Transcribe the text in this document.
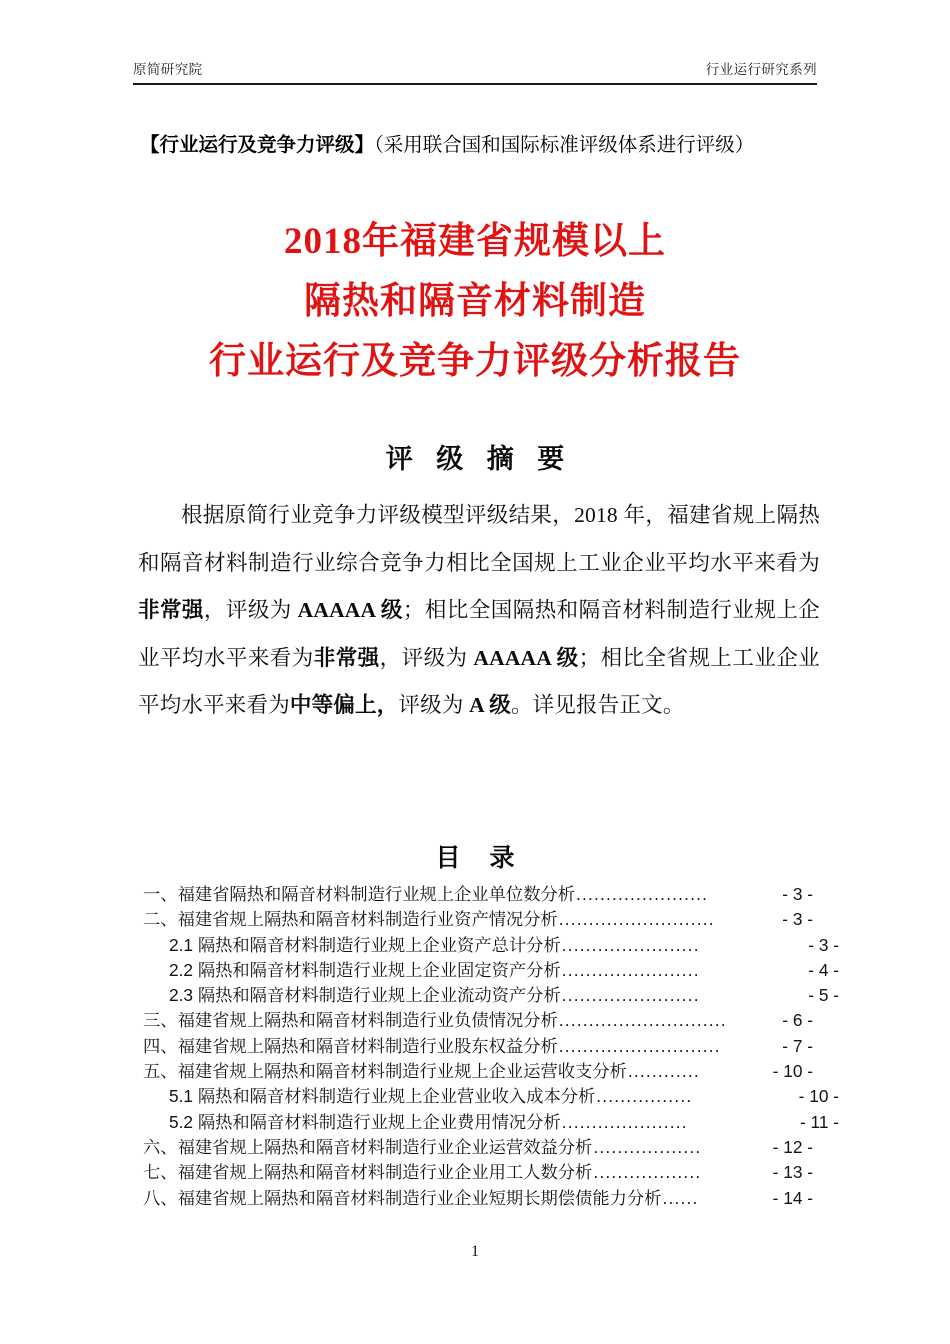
原简研究院	行业运行研究系列
【行业运行及竞争力评级】（采用联合国和国际标准评级体系进行评级）
2018年福建省规模以上
隔热和隔音材料制造
行业运行及竞争力评级分析报告
评 级 摘 要
根据原简行业竞争力评级模型评级结果，2018 年，福建省规上隔热和隔音材料制造行业综合竞争力相比全国规上工业企业平均水平来看为非常强，评级为 AAAAA 级；相比全国隔热和隔音材料制造行业规上企业平均水平来看为非常强，评级为 AAAAA 级；相比全省规上工业企业平均水平来看为中等偏上，评级为 A 级。详见报告正文。
目 录
一、福建省隔热和隔音材料制造行业规上企业单位数分析 ......................	- 3 -
二、福建省规上隔热和隔音材料制造行业资产情况分析 ..........................	- 3 -
2.1 隔热和隔音材料制造行业规上企业资产总计分析 .......................	- 3 -
2.2 隔热和隔音材料制造行业规上企业固定资产分析 .......................	- 4 -
2.3 隔热和隔音材料制造行业规上企业流动资产分析 .......................	- 5 -
三、福建省规上隔热和隔音材料制造行业负债情况分析 ............................	- 6 -
四、福建省规上隔热和隔音材料制造行业股东权益分析 ...........................	- 7 -
五、福建省规上隔热和隔音材料制造行业规上企业运营收支分析 ............	- 10 -
5.1 隔热和隔音材料制造行业规上企业营业收入成本分析 ................	- 10 -
5.2 隔热和隔音材料制造行业规上企业费用情况分析 .....................	- 11 -
六、福建省规上隔热和隔音材料制造行业企业运营效益分析 ..................	- 12 -
七、福建省规上隔热和隔音材料制造行业企业用工人数分析 ..................	- 13 -
八、福建省规上隔热和隔音材料制造行业企业短期长期偿债能力分析 ......	- 14 -
1
